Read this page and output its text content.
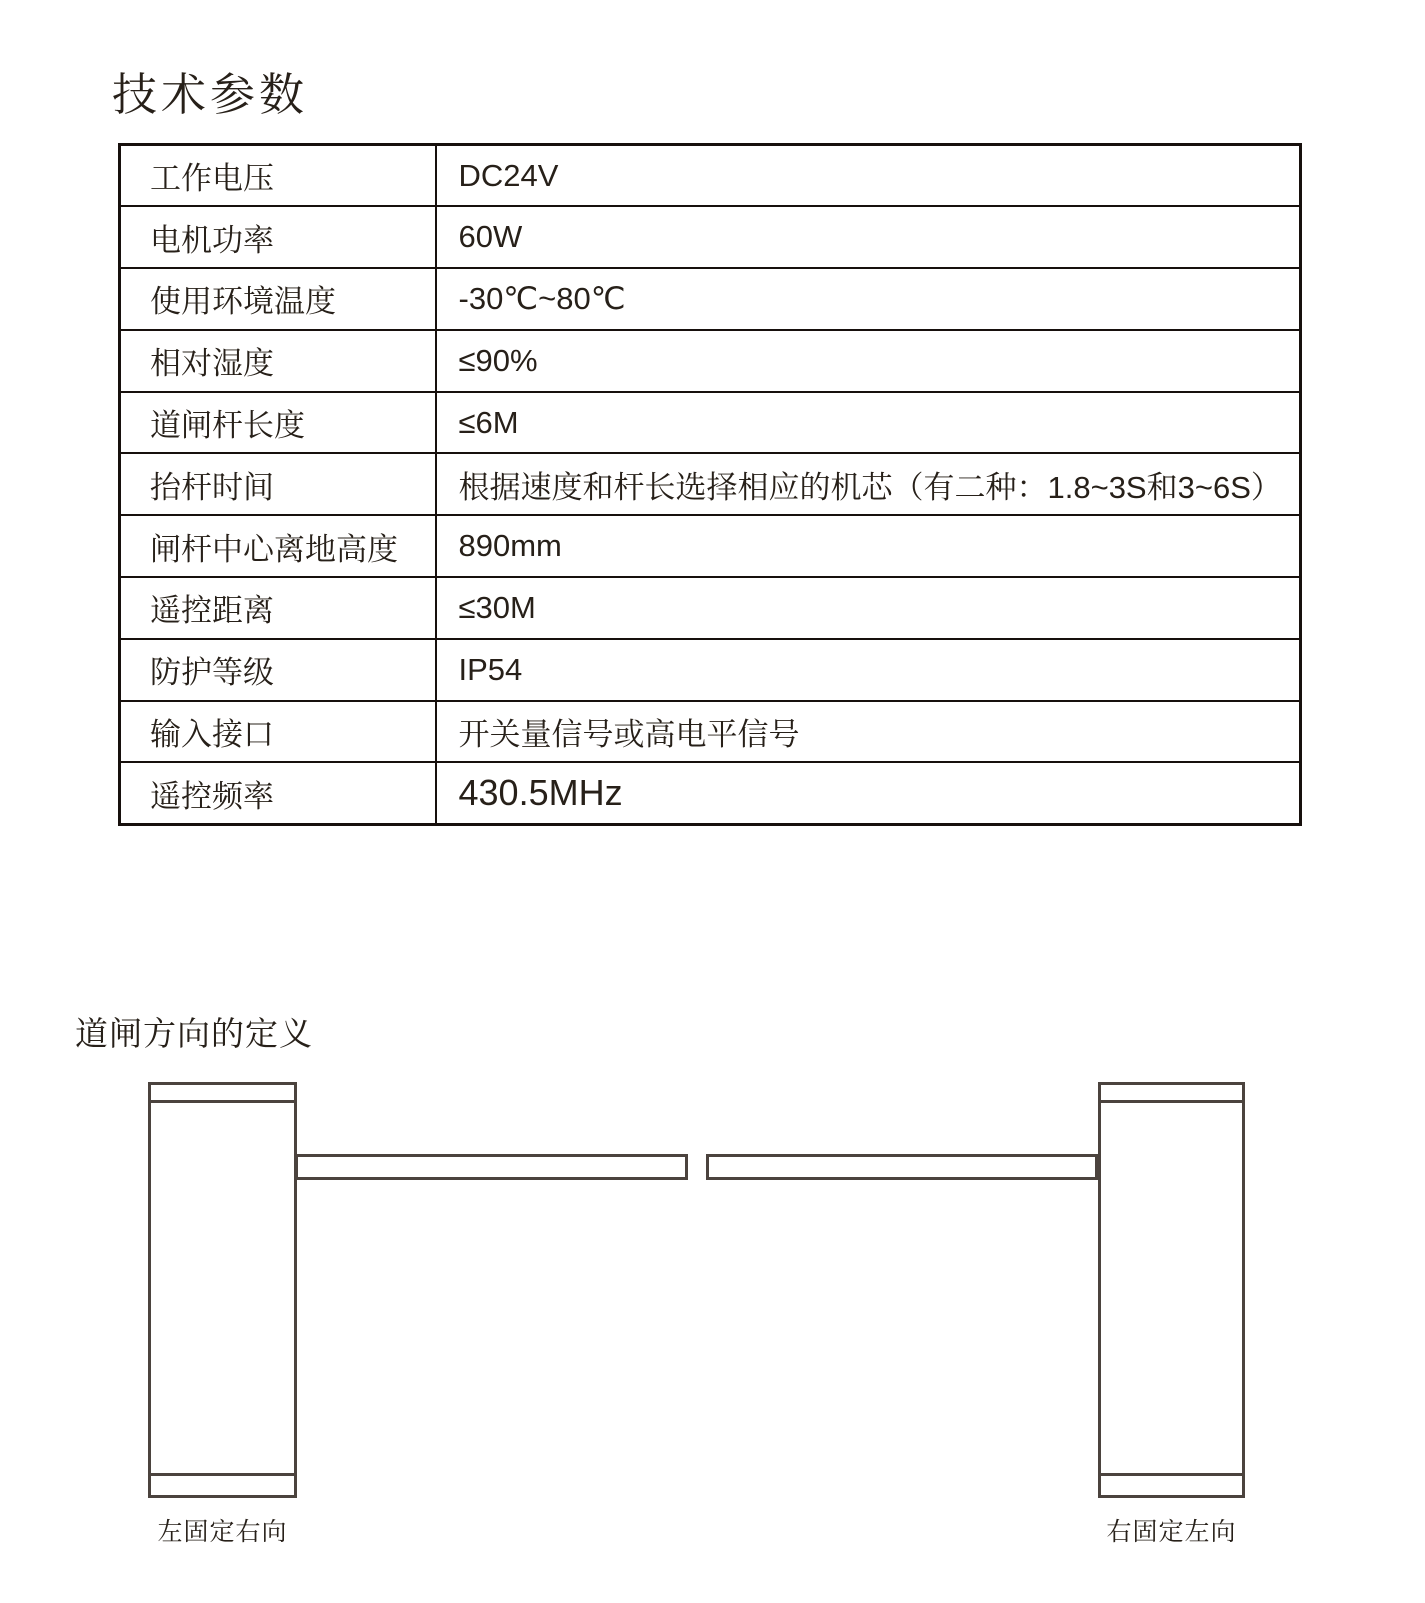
技术参数
工作电压	DC24V
电机功率	60W
使用环境温度	-30℃~80℃
相对湿度	≤90%
道闸杆长度	≤6M
抬杆时间	根据速度和杆长选择相应的机芯（有二种：1.8~3S和3~6S）
闸杆中心离地高度	890mm
遥控距离	≤30M
防护等级	IP54
输入接口	开关量信号或高电平信号
遥控频率	430.5MHz
道闸方向的定义
左固定右向	右固定左向
